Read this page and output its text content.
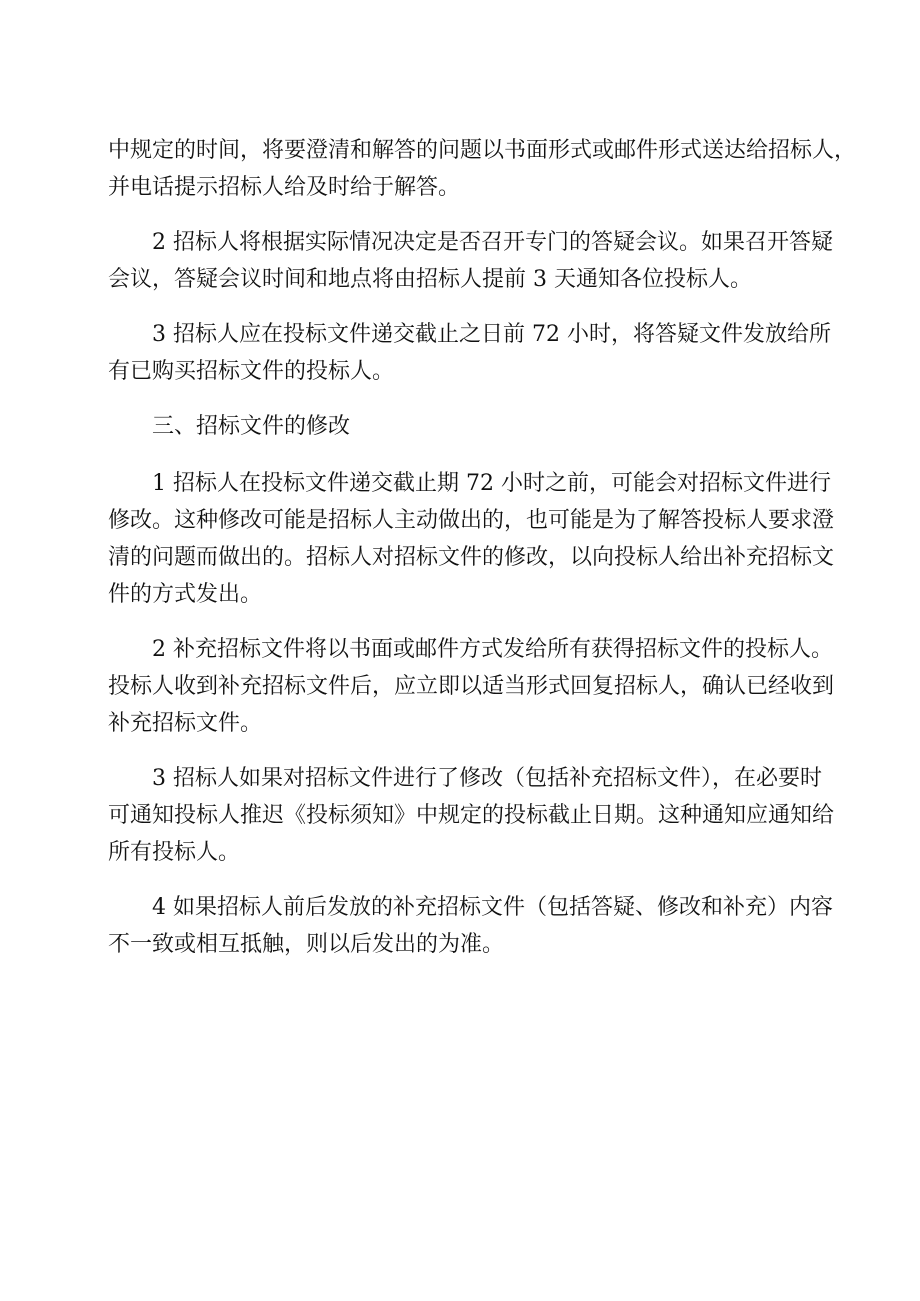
中规定的时间，将要澄清和解答的问题以书面形式或邮件形式送达给招标人，
并电话提示招标人给及时给于解答。
2 招标人将根据实际情况决定是否召开专门的答疑会议。如果召开答疑
会议，答疑会议时间和地点将由招标人提前 3 天通知各位投标人。
3 招标人应在投标文件递交截止之日前 72 小时，将答疑文件发放给所
有已购买招标文件的投标人。
三、招标文件的修改
1 招标人在投标文件递交截止期 72 小时之前，可能会对招标文件进行
修改。这种修改可能是招标人主动做出的，也可能是为了解答投标人要求澄
清的问题而做出的。招标人对招标文件的修改，以向投标人给出补充招标文
件的方式发出。
2 补充招标文件将以书面或邮件方式发给所有获得招标文件的投标人。
投标人收到补充招标文件后，应立即以适当形式回复招标人，确认已经收到
补充招标文件。
3 招标人如果对招标文件进行了修改（包括补充招标文件），在必要时
可通知投标人推迟《投标须知》中规定的投标截止日期。这种通知应通知给
所有投标人。
4 如果招标人前后发放的补充招标文件（包括答疑、修改和补充）内容
不一致或相互抵触，则以后发出的为准。
